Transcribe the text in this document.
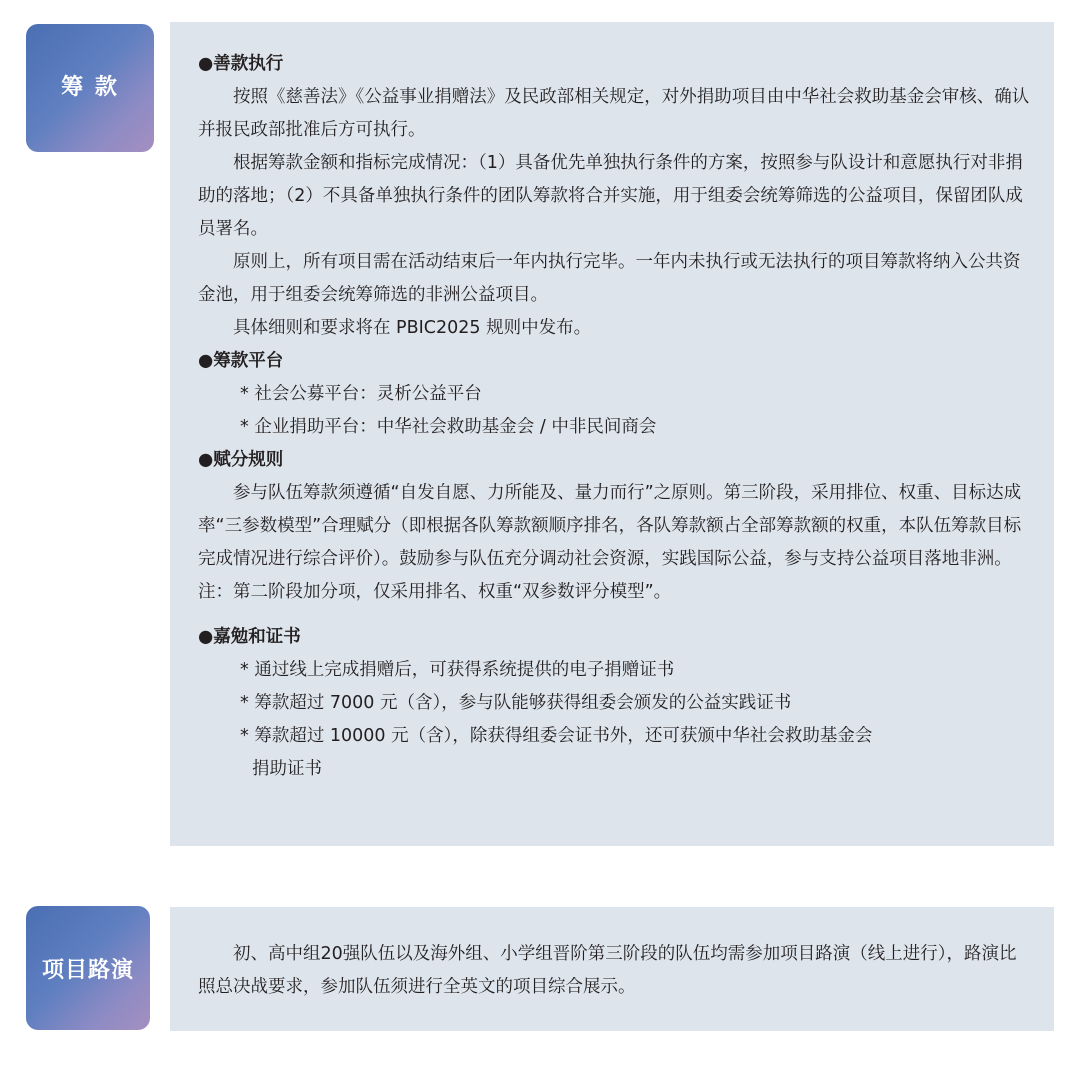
筹 款

●善款执行

按照《慈善法》《公益事业捐赠法》及民政部相关规定，对外捐助项目由中华社会救助基金会审核、确认并报民政部批准后方可执行。

根据筹款金额和指标完成情况：（1）具备优先单独执行条件的方案，按照参与队设计和意愿执行对非捐助的落地；（2）不具备单独执行条件的团队筹款将合并实施，用于组委会统筹筛选的公益项目，保留团队成员署名。

原则上，所有项目需在活动结束后一年内执行完毕。一年内未执行或无法执行的项目筹款将纳入公共资金池，用于组委会统筹筛选的非洲公益项目。

具体细则和要求将在 PBIC2025 规则中发布。

●筹款平台

* 社会公募平台：灵析公益平台

* 企业捐助平台：中华社会救助基金会 / 中非民间商会

●赋分规则

参与队伍筹款须遵循“自发自愿、力所能及、量力而行”之原则。第三阶段，采用排位、权重、目标达成率“三参数模型”合理赋分（即根据各队筹款额顺序排名，各队筹款额占全部筹款额的权重，本队伍筹款目标完成情况进行综合评价）。鼓励参与队伍充分调动社会资源，实践国际公益，参与支持公益项目落地非洲。注：第二阶段加分项，仅采用排名、权重“双参数评分模型”。

●嘉勉和证书

* 通过线上完成捐赠后，可获得系统提供的电子捐赠证书

* 筹款超过 7000 元（含），参与队能够获得组委会颁发的公益实践证书

* 筹款超过 10000 元（含），除获得组委会证书外，还可获颁中华社会救助基金会
捐助证书

项目路演

初、高中组20强队伍以及海外组、小学组晋阶第三阶段的队伍均需参加项目路演（线上进行），路演比照总决战要求，参加队伍须进行全英文的项目综合展示。
